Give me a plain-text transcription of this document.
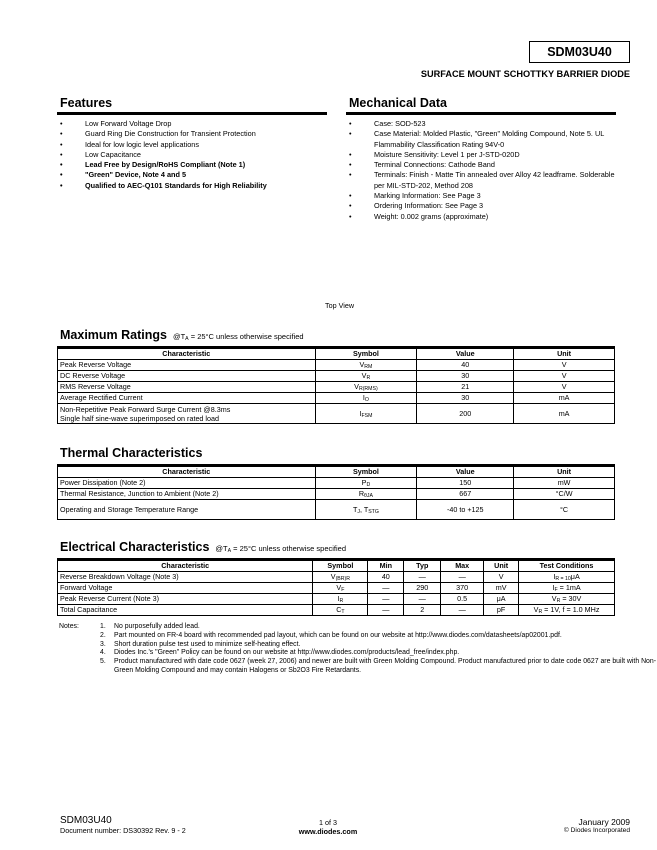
SDM03U40
SURFACE MOUNT SCHOTTKY BARRIER DIODE
Features
• Low Forward Voltage Drop
• Guard Ring Die Construction for Transient Protection
• Ideal for low logic level applications
• Low Capacitance
• Lead Free by Design/RoHS Compliant (Note 1)
• "Green" Device, Note 4 and 5
• Qualified to AEC-Q101 Standards for High Reliability
Mechanical Data
• Case: SOD-523
• Case Material: Molded Plastic, "Green" Molding Compound, Note 5. UL Flammability Classification Rating 94V-0
• Moisture Sensitivity: Level 1 per J-STD-020D
• Terminal Connections: Cathode Band
• Terminals: Finish - Matte Tin annealed over Alloy 42 leadframe. Solderable per MIL-STD-202, Method 208
• Marking Information: See Page 3
• Ordering Information: See Page 3
• Weight: 0.002 grams (approximate)
Top View
Maximum Ratings $@T_A = 25^\circ C$ unless otherwise specified
Characteristic	Symbol	Value	Unit
Peak Reverse Voltage	$V_{RM}$	40	V
DC Reverse Voltage	$V_R$	30	V
RMS Reverse Voltage	$V_{R(RMS)}$	21	V
Average Rectified Current	$I_O$	30	mA
Non-Repetitive Peak Forward Surge Current @8.3ms
Single half sine-wave superimposed on rated load	$I_{FSM}$	200	mA
Thermal Characteristics
Characteristic	Symbol	Value	Unit
Power Dissipation (Note 2)	$P_D$	150	mW
Thermal Resistance, Junction to Ambient (Note 2)	$R_{\theta JA}$	667	°C/W
Operating and Storage Temperature Range	$T_J$, $T_{STG}$	-40 to +125	°C
Electrical Characteristics $@T_A = 25^\circ C$ unless otherwise specified
Characteristic	Symbol	Min	Typ	Max	Unit	Test Conditions
Reverse Breakdown Voltage (Note 3)	$V_{(BR)R}$	40	—	—	V	$I_{R = 10}\mu A$
Forward Voltage	$V_F$	—	290	370	mV	$I_F = 1mA$
Peak Reverse Current (Note 3)	$I_R$	—	—	0.5	μA	$V_R = 30V$
Total Capacitance	$C_T$	—	2	—	pF	$V_R = 1V$, f = 1.0 MHz
Notes:	1.	No purposefully added lead.
2.	Part mounted on FR-4 board with recommended pad layout, which can be found on our website at http://www.diodes.com/datasheets/ap02001.pdf.
3.	Short duration pulse test used to minimize self-heating effect.
4.	Diodes Inc.'s "Green" Policy can be found on our website at http://www.diodes.com/products/lead_free/index.php.
5.	Product manufactured with date code 0627 (week 27, 2006) and newer are built with Green Molding Compound. Product manufactured prior to date code 0627 are built with Non-Green Molding Compound and may contain Halogens or Sb2O3 Fire Retardants.
SDM03U40
Document number: DS30392 Rev. 9 - 2
1 of 3
www.diodes.com
January 2009
© Diodes Incorporated
